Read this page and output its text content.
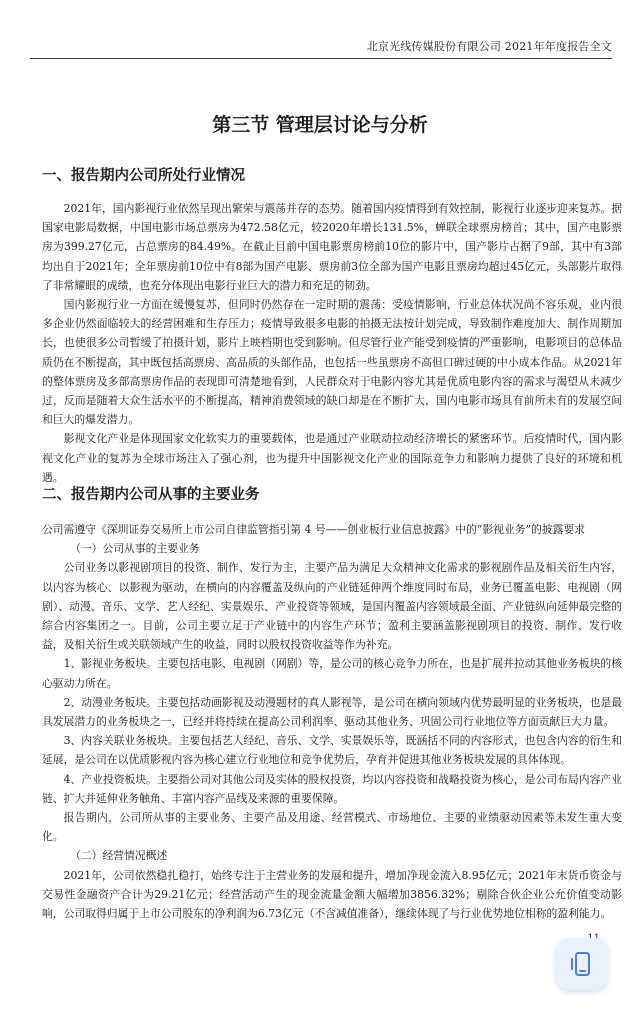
北京光线传媒股份有限公司 2021年年度报告全文
第三节 管理层讨论与分析
一、报告期内公司所处行业情况

2021年，国内影视行业依然呈现出繁荣与震荡并存的态势。随着国内疫情得到有效控制，影视行业逐步迎来复苏。据国家电影局数据，中国电影市场总票房为472.58亿元，较2020年增长131.5%，蝉联全球票房榜首；其中，国产电影票房为399.27亿元，占总票房的84.49%。在截止目前中国电影票房榜前10位的影片中，国产影片占据了9部，其中有3部均出自于2021年；全年票房前10位中有8部为国产电影、票房前3位全部为国产电影且票房均超过45亿元，头部影片取得了非常耀眼的成绩，也充分体现出电影行业巨大的潜力和充足的韧劲。

国内影视行业一方面在缓慢复苏，但同时仍然存在一定时期的震荡：受疫情影响，行业总体状况尚不容乐观，业内很多企业仍然面临较大的经营困难和生存压力；疫情导致很多电影的拍摄无法按计划完成，导致制作难度加大、制作周期加长，也使很多公司暂缓了拍摄计划，影片上映档期也受到影响。但尽管行业产能受到疫情的严重影响，电影项目的总体品质仍在不断提高，其中既包括高票房、高品质的头部作品，也包括一些虽票房不高但口碑过硬的中小成本作品。从2021年的整体票房及多部高票房作品的表现即可清楚地看到，人民群众对于电影内容尤其是优质电影内容的需求与渴望从未减少过，反而是随着大众生活水平的不断提高，精神消费领域的缺口却是在不断扩大，国内电影市场具有前所未有的发展空间和巨大的爆发潜力。

影视文化产业是体现国家文化软实力的重要载体，也是通过产业联动拉动经济增长的紧密环节。后疫情时代，国内影视文化产业的复苏为全球市场注入了强心剂，也为提升中国影视文化产业的国际竞争力和影响力提供了良好的环境和机遇。

二、报告期内公司从事的主要业务

公司需遵守《深圳证券交易所上市公司自律监管指引第 4 号——创业板行业信息披露》中的“影视业务”的披露要求

（一）公司从事的主要业务

公司业务以影视剧项目的投资、制作、发行为主，主要产品为满足大众精神文化需求的影视剧作品及相关衍生内容，以内容为核心、以影视为驱动，在横向的内容覆盖及纵向的产业链延伸两个维度同时布局，业务已覆盖电影、电视剧（网剧）、动漫、音乐、文学、艺人经纪、实景娱乐、产业投资等领域，是国内覆盖内容领域最全面、产业链纵向延伸最完整的综合内容集团之一。目前，公司主要立足于产业链中的内容生产环节；盈利主要涵盖影视剧项目的投资、制作、发行收益，及相关衍生或关联领域产生的收益，同时以股权投资收益等作为补充。

1、影视业务板块。主要包括电影、电视剧（网剧）等，是公司的核心竞争力所在，也是扩展并拉动其他业务板块的核心驱动力所在。

2、动漫业务板块。主要包括动画影视及动漫题材的真人影视等，是公司在横向领域内优势最明显的业务板块，也是最具发展潜力的业务板块之一，已经并将持续在提高公司利润率、驱动其他业务、巩固公司行业地位等方面贡献巨大力量。

3、内容关联业务板块。主要包括艺人经纪、音乐、文学、实景娱乐等，既涵括不同的内容形式，也包含内容的衍生和延展，是公司在以优质影视内容为核心建立行业地位和竞争优势后，孕育并促进其他业务板块发展的具体体现。

4、产业投资板块。主要指公司对其他公司及实体的股权投资，均以内容投资和战略投资为核心，是公司布局内容产业链、扩大并延伸业务触角、丰富内容产品线及来源的重要保障。

报告期内，公司所从事的主要业务、主要产品及用途、经营模式、市场地位、主要的业绩驱动因素等未发生重大变化。

（二）经营情况概述

2021年，公司依然稳扎稳打，始终专注于主营业务的发展和提升，增加净现金流入8.95亿元；2021年末货币资金与交易性金融资产合计为29.21亿元；经营活动产生的现金流量金额大幅增加3856.32%；剔除合伙企业公允价值变动影响，公司取得归属于上市公司股东的净利润为6.73亿元（不含减值准备），继续体现了与行业优势地位相称的盈利能力。
